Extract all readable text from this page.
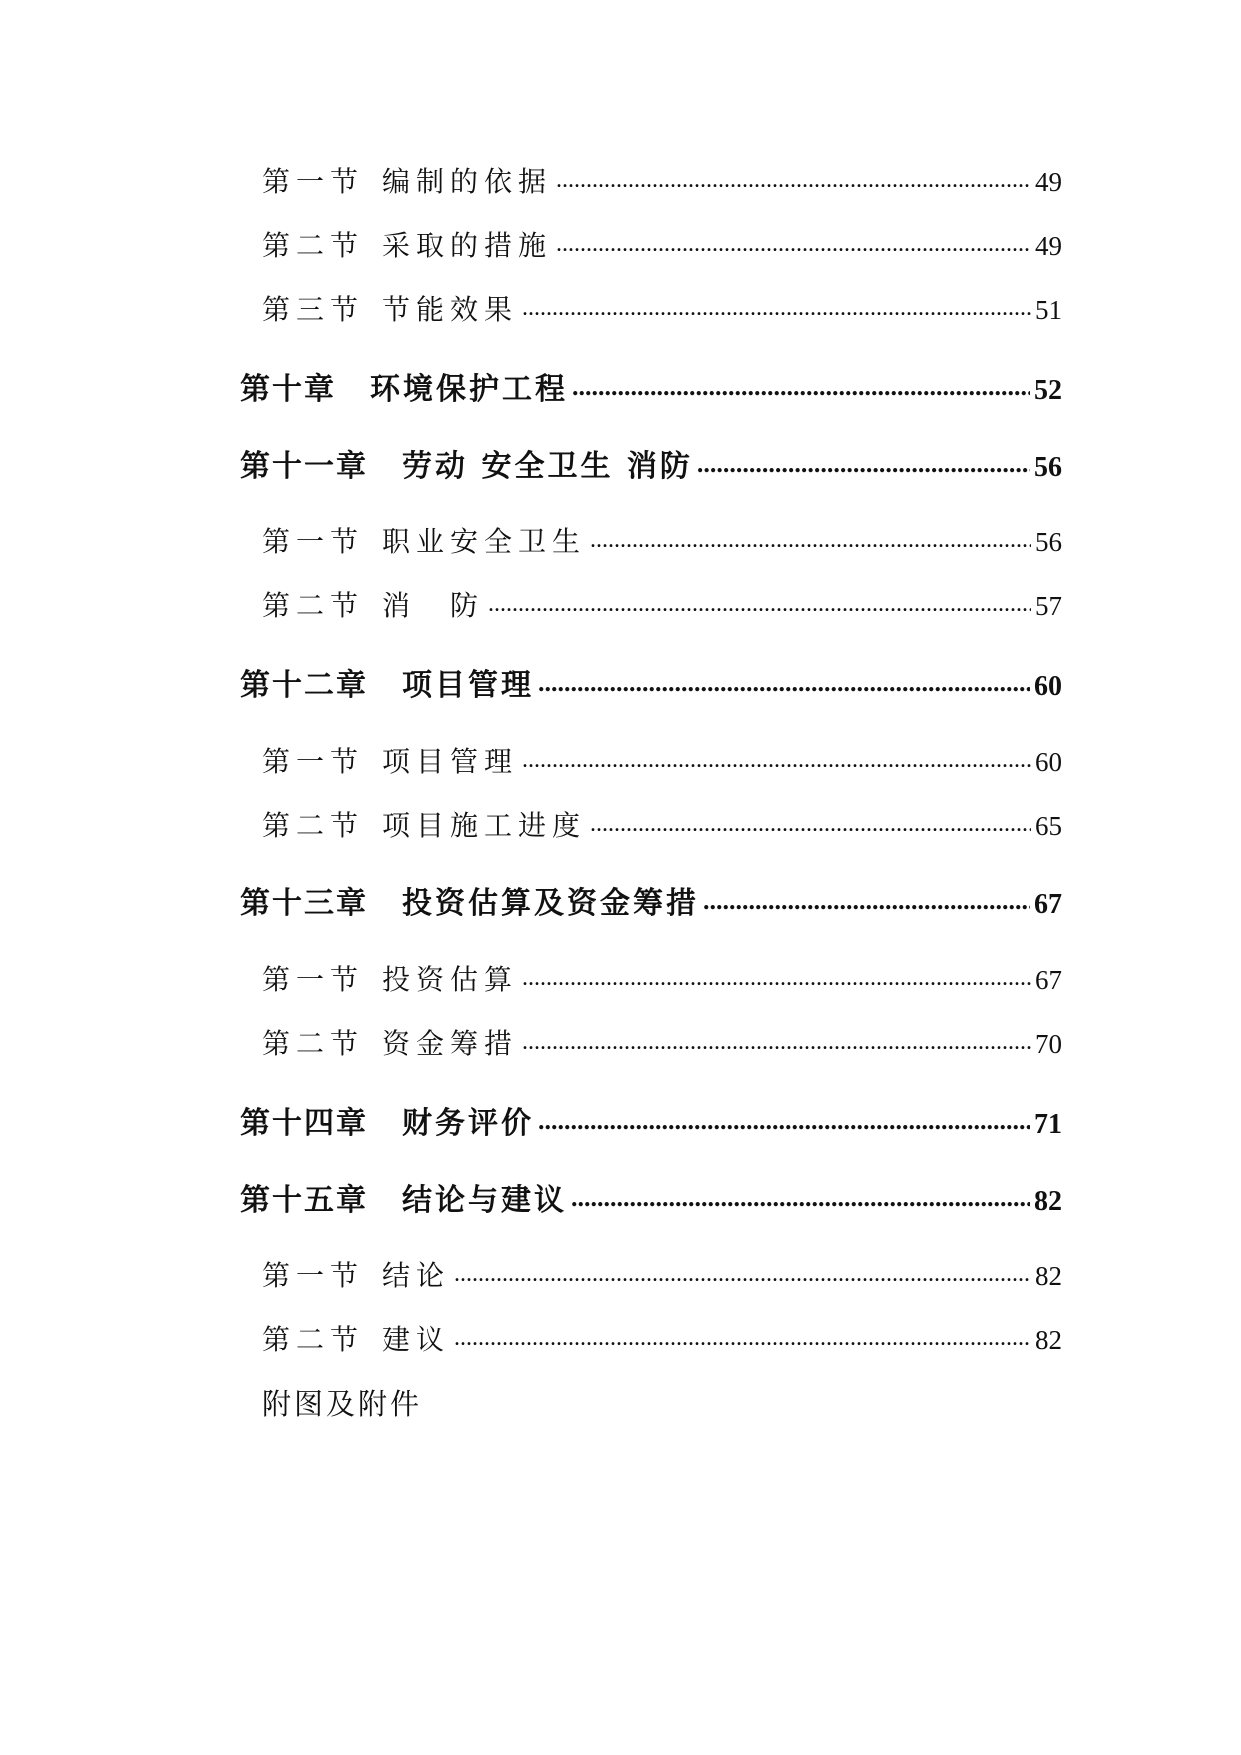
第一节 编制的依据 .....	49
第二节 采取的措施 .....	49
第三节 节能效果 .....	51
第十章 环境保护工程 .....	52
第十一章 劳动 安全卫生 消防 .....	56
第一节 职业安全卫生 .....	56
第二节 消　防 .....	57
第十二章 项目管理 .....	60
第一节 项目管理 .....	60
第二节 项目施工进度 .....	65
第十三章 投资估算及资金筹措 .....	67
第一节 投资估算 .....	67
第二节 资金筹措 .....	70
第十四章 财务评价 .....	71
第十五章 结论与建议 .....	82
第一节 结论 .....	82
第二节 建议 .....	82
附图及附件
